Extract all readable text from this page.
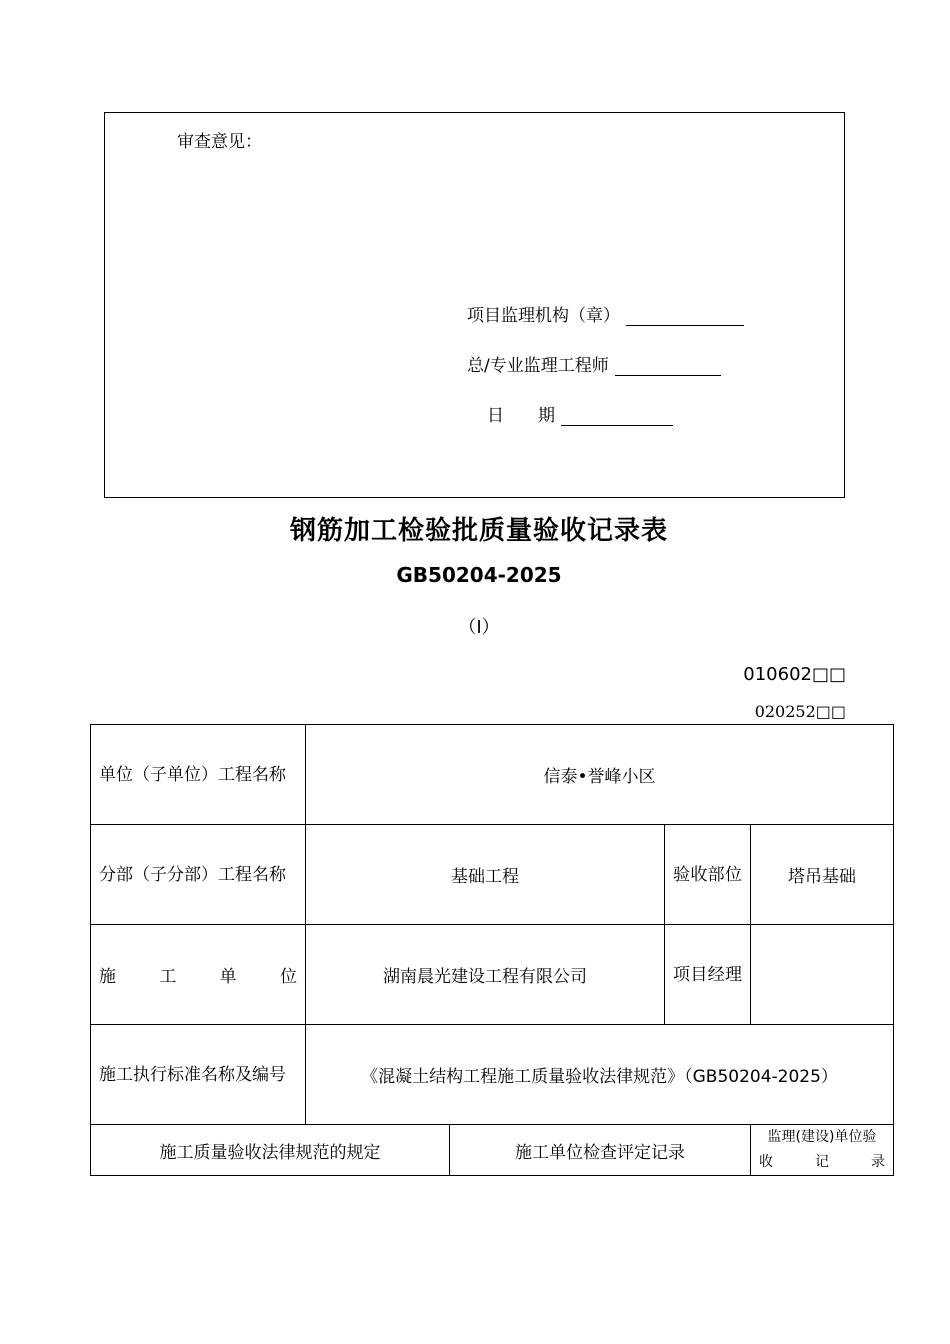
审查意见：
项目监理机构（章）
总/专业监理工程师
日　　期
钢筋加工检验批质量验收记录表
GB50204-2025
（I）
010602□□
020252□□
单位（子单位）工程名称	信泰•誉峰小区			
分部（子分部）工程名称	基础工程		验收部位	塔吊基础
施工单位	湖南晨光建设工程有限公司		项目经理	
施工执行标准名称及编号	《混凝土结构工程施工质量验收法律规范》（GB50204-2025）			
施工质量验收法律规范的规定		施工单位检查评定记录		监理(建设)单位验
收　　记　　录
